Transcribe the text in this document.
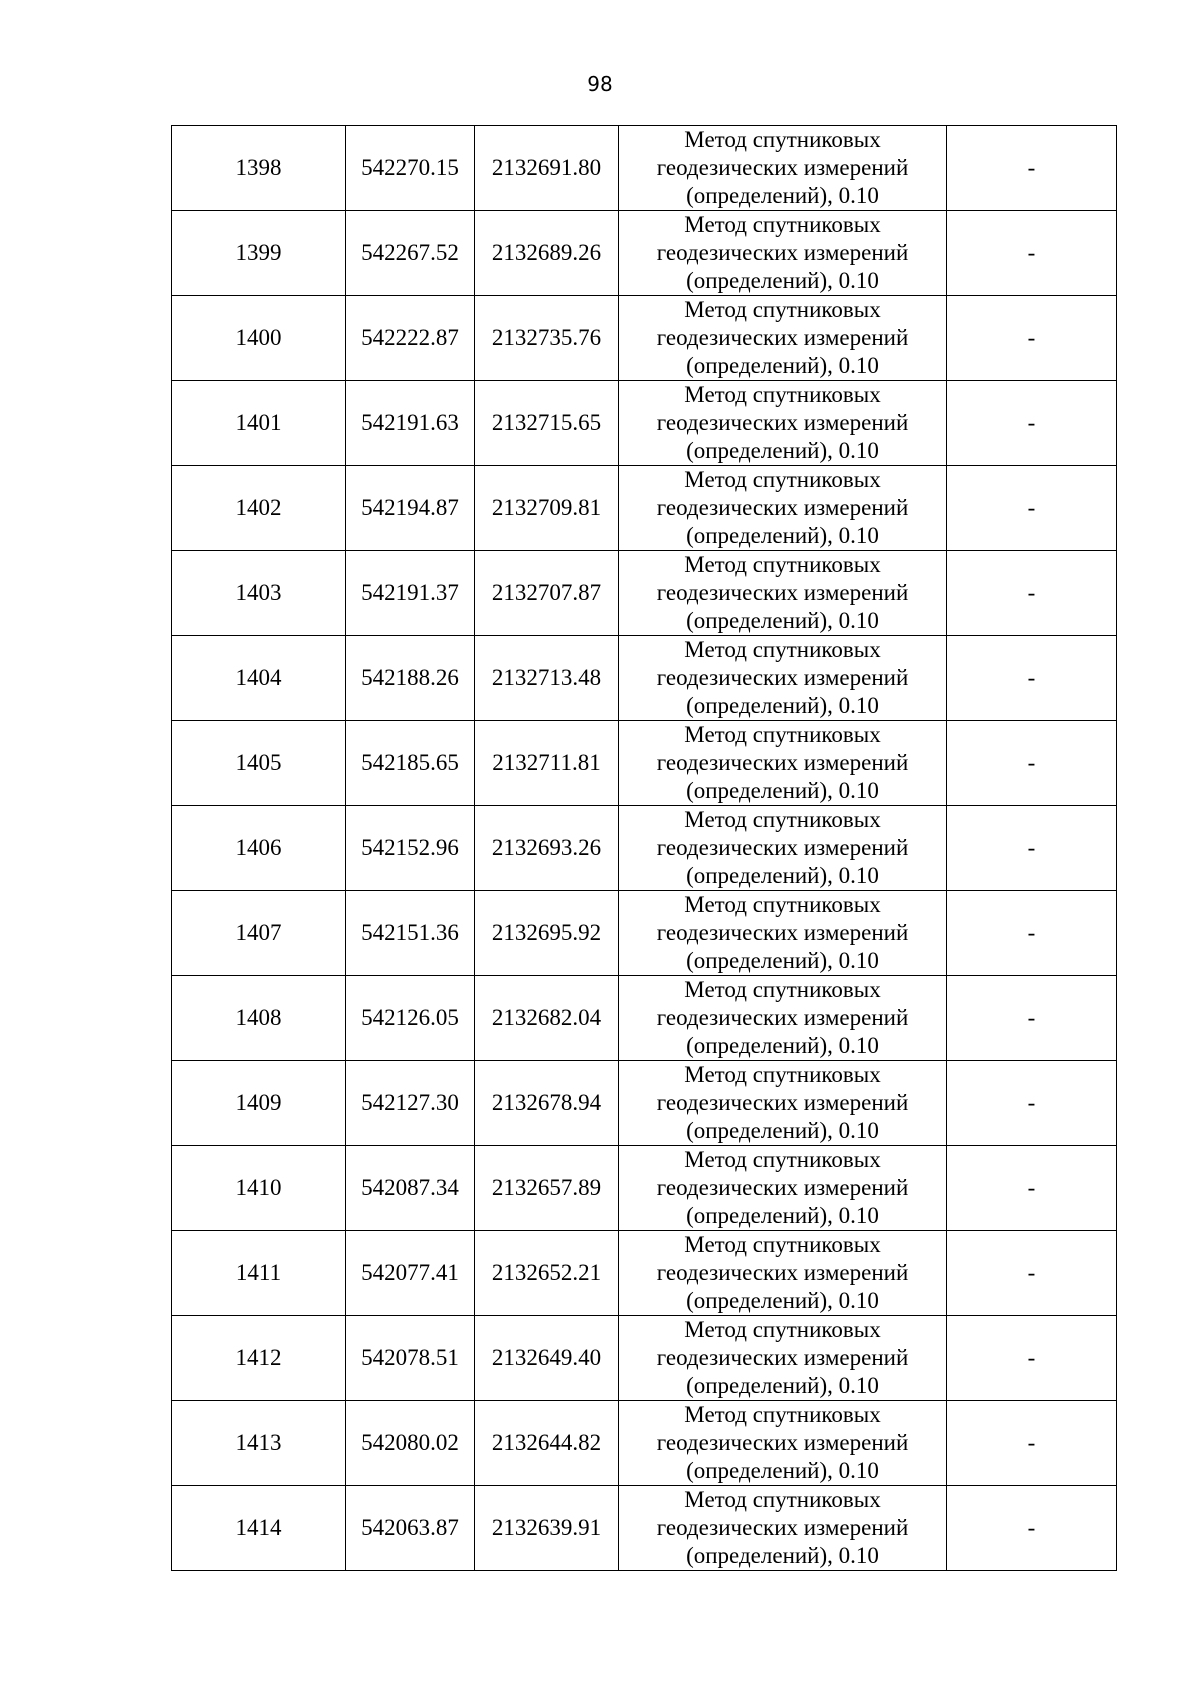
98
1398	542270.15	2132691.80	Метод спутниковых
геодезических измерений
(определений), 0.10	-
1399	542267.52	2132689.26	Метод спутниковых
геодезических измерений
(определений), 0.10	-
1400	542222.87	2132735.76	Метод спутниковых
геодезических измерений
(определений), 0.10	-
1401	542191.63	2132715.65	Метод спутниковых
геодезических измерений
(определений), 0.10	-
1402	542194.87	2132709.81	Метод спутниковых
геодезических измерений
(определений), 0.10	-
1403	542191.37	2132707.87	Метод спутниковых
геодезических измерений
(определений), 0.10	-
1404	542188.26	2132713.48	Метод спутниковых
геодезических измерений
(определений), 0.10	-
1405	542185.65	2132711.81	Метод спутниковых
геодезических измерений
(определений), 0.10	-
1406	542152.96	2132693.26	Метод спутниковых
геодезических измерений
(определений), 0.10	-
1407	542151.36	2132695.92	Метод спутниковых
геодезических измерений
(определений), 0.10	-
1408	542126.05	2132682.04	Метод спутниковых
геодезических измерений
(определений), 0.10	-
1409	542127.30	2132678.94	Метод спутниковых
геодезических измерений
(определений), 0.10	-
1410	542087.34	2132657.89	Метод спутниковых
геодезических измерений
(определений), 0.10	-
1411	542077.41	2132652.21	Метод спутниковых
геодезических измерений
(определений), 0.10	-
1412	542078.51	2132649.40	Метод спутниковых
геодезических измерений
(определений), 0.10	-
1413	542080.02	2132644.82	Метод спутниковых
геодезических измерений
(определений), 0.10	-
1414	542063.87	2132639.91	Метод спутниковых
геодезических измерений
(определений), 0.10	-
